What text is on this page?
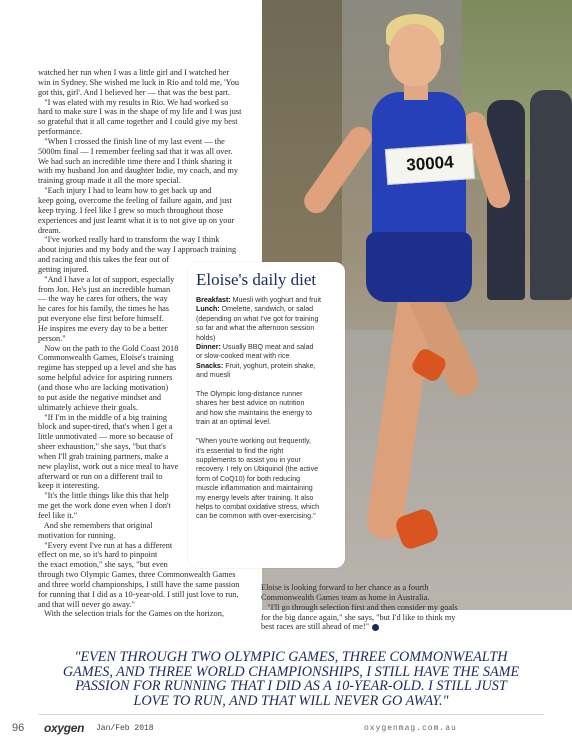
30004
watched her run when I was a little girl and I watched her
win in Sydney. She wished me luck in Rio and told me, 'You
got this, girl'. And I believed her — that was the best part.
"I was elated with my results in Rio. We had worked so
hard to make sure I was in the shape of my life and I was just
so grateful that it all came together and I could give my best
performance.
"When I crossed the finish line of my last event — the
5000m final — I remember feeling sad that it was all over.
We had such an incredible time there and I think sharing it
with my husband Jon and daughter Indie, my coach, and my
training group made it all the more special.
"Each injury I had to learn how to get back up and
keep going, overcome the feeling of failure again, and just
keep trying. I feel like I grew so much throughout those
experiences and just learnt what it is to not give up on your
dream.
"I've worked really hard to transform the way I think
about injuries and my body and the way I approach training
and racing and this takes the fear out of
getting injured.
"And I have a lot of support, especially
from Jon. He's just an incredible human
— the way he cares for others, the way
he cares for his family, the times he has
put everyone else first before himself.
He inspires me every day to be a better
person."
Now on the path to the Gold Coast 2018
Commonwealth Games, Eloise's training
regime has stepped up a level and she has
some helpful advice for aspiring runners
(and those who are lacking motivation)
to put aside the negative mindset and
ultimately achieve their goals.
"If I'm in the middle of a big training
block and super-tired, that's when I get a
little unmotivated — more so because of
sheer exhaustion," she says, "but that's
when I'll grab training partners, make a
new playlist, work out a nice meal to have
afterward or run on a different trail to
keep it interesting.
"It's the little things like this that help
me get the work done even when I don't
feel like it."
And she remembers that original
motivation for running.
"Every event I've run at has a different
effect on me, so it's hard to pinpoint
the exact emotion," she says, "but even
through two Olympic Games, three Commonwealth Games
and three world championships, I still have the same passion
for running that I did as a 10-year-old. I still just love to run,
and that will never go away."
With the selection trials for the Games on the horizon,
Eloise is looking forward to her chance as a fourth
Commonwealth Games team as home in Australia.
"I'll go through selection first and then consider my goals
for the big dance again," she says, "but I'd like to think my
best races are still ahead of me!"
Eloise's daily diet
Breakfast: Muesli with yoghurt and fruit
Lunch: Omelette, sandwich, or salad
(depending on what I've got for training
so far and what the afternoon session
holds)
Dinner: Usually BBQ meat and salad
or slow-cooked meat with rice
Snacks: Fruit, yoghurt, protein shake,
and muesli

The Olympic long-distance runner
shares her best advice on nutrition
and how she maintains the energy to
train at an optimal level.

"When you're working out frequently,
it's essential to find the right
supplements to assist you in your
recovery. I rely on Ubiquinol (the active
form of CoQ10) for both reducing
muscle inflammation and maintaining
my energy levels after training. It also
helps to combat oxidative stress, which
can be common with over-exercising."
"EVEN THROUGH TWO OLYMPIC GAMES, THREE COMMONWEALTH
GAMES, AND THREE WORLD CHAMPIONSHIPS, I STILL HAVE THE SAME
PASSION FOR RUNNING THAT I DID AS A 10-YEAR-OLD. I STILL JUST
LOVE TO RUN, AND THAT WILL NEVER GO AWAY."
96 oxygen Jan/Feb 2018	oxygenmag.com.au
